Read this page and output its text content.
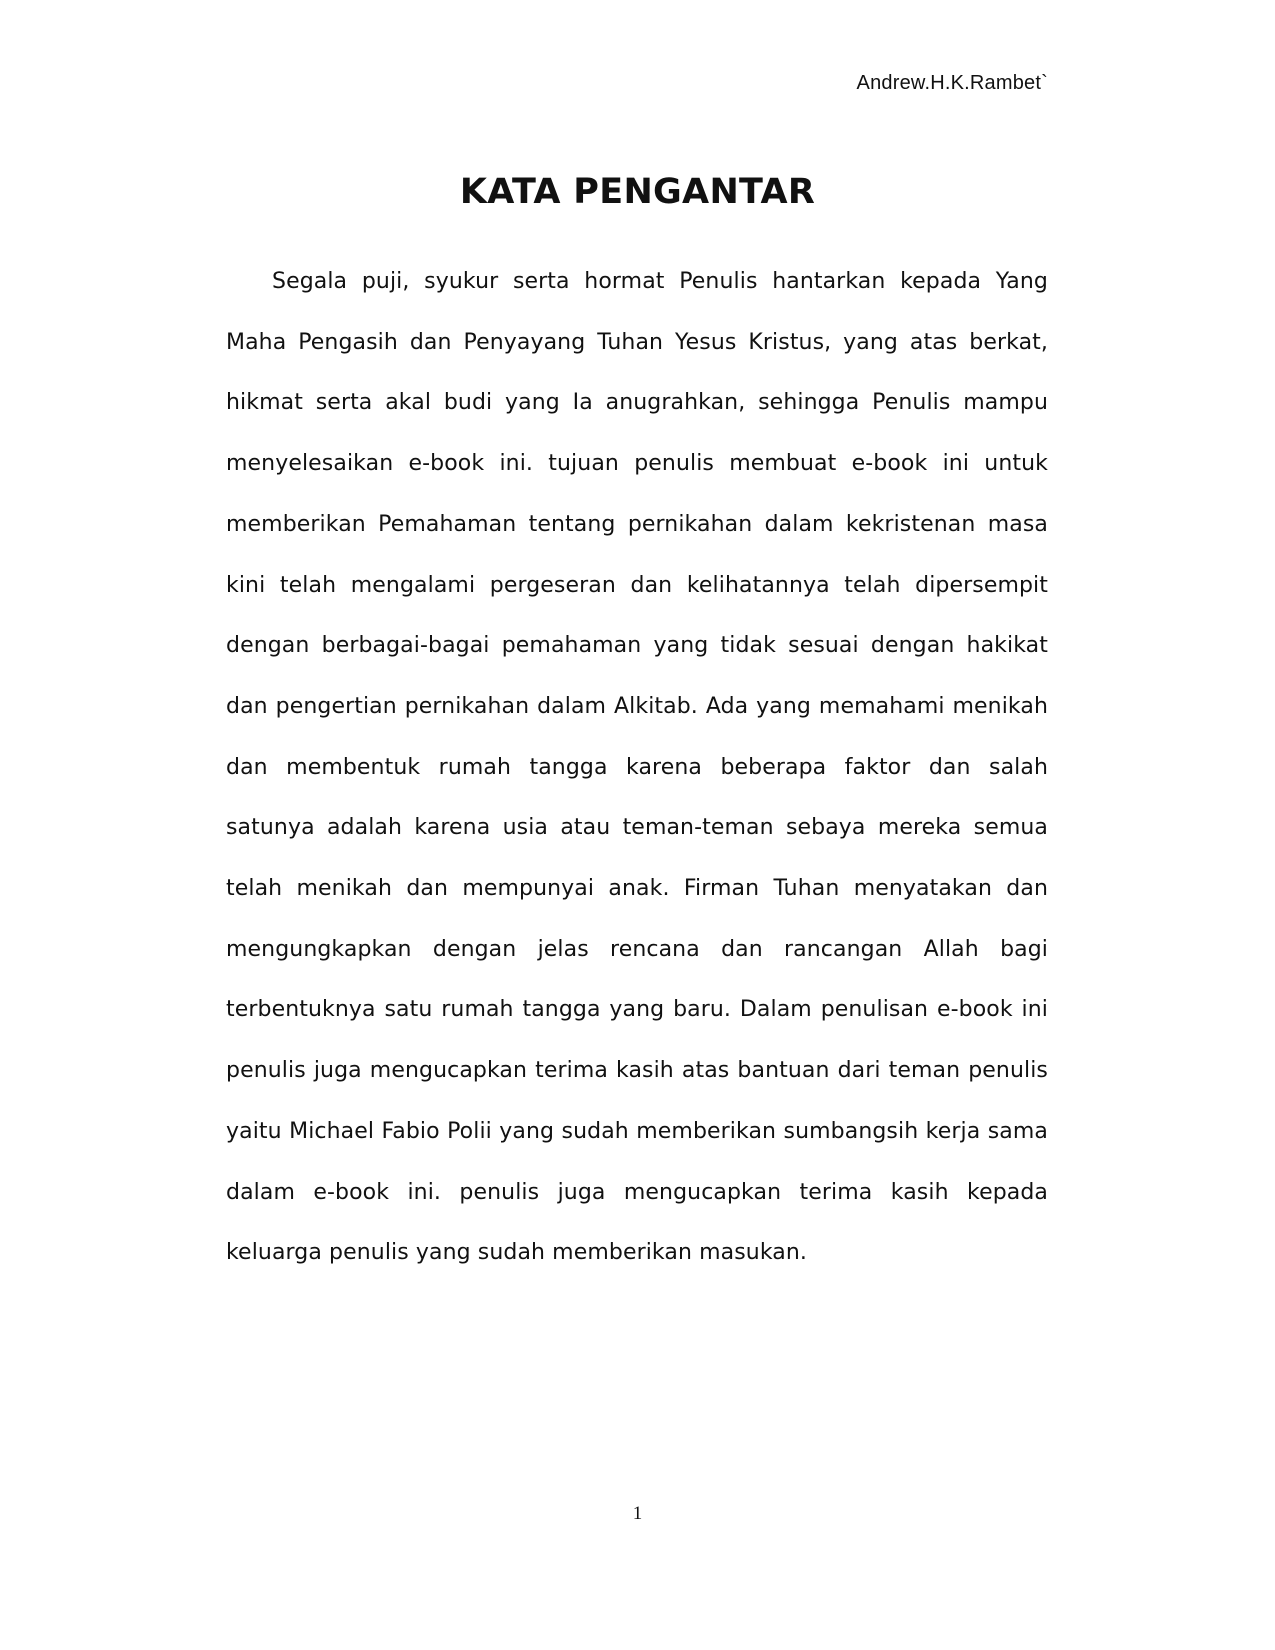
Andrew.H.K.Rambet`
KATA PENGANTAR

Segala puji, syukur serta hormat Penulis hantarkan kepada Yang Maha Pengasih dan Penyayang Tuhan Yesus Kristus, yang atas berkat, hikmat serta akal budi yang Ia anugrahkan, sehingga Penulis mampu menyelesaikan e-book ini. tujuan penulis membuat e-book ini untuk memberikan Pemahaman tentang pernikahan dalam kekristenan masa kini telah mengalami pergeseran dan kelihatannya telah dipersempit dengan berbagai-bagai pemahaman yang tidak sesuai dengan hakikat dan pengertian pernikahan dalam Alkitab. Ada yang memahami menikah dan membentuk rumah tangga karena beberapa faktor dan salah satunya adalah karena usia atau teman-teman sebaya mereka semua telah menikah dan mempunyai anak. Firman Tuhan menyatakan dan mengungkapkan dengan jelas rencana dan rancangan Allah bagi terbentuknya satu rumah tangga yang baru. Dalam penulisan e-book ini penulis juga mengucapkan terima kasih atas bantuan dari teman penulis yaitu Michael Fabio Polii yang sudah memberikan sumbangsih kerja sama dalam e-book ini. penulis juga mengucapkan terima kasih kepada keluarga penulis yang sudah memberikan masukan.

1
